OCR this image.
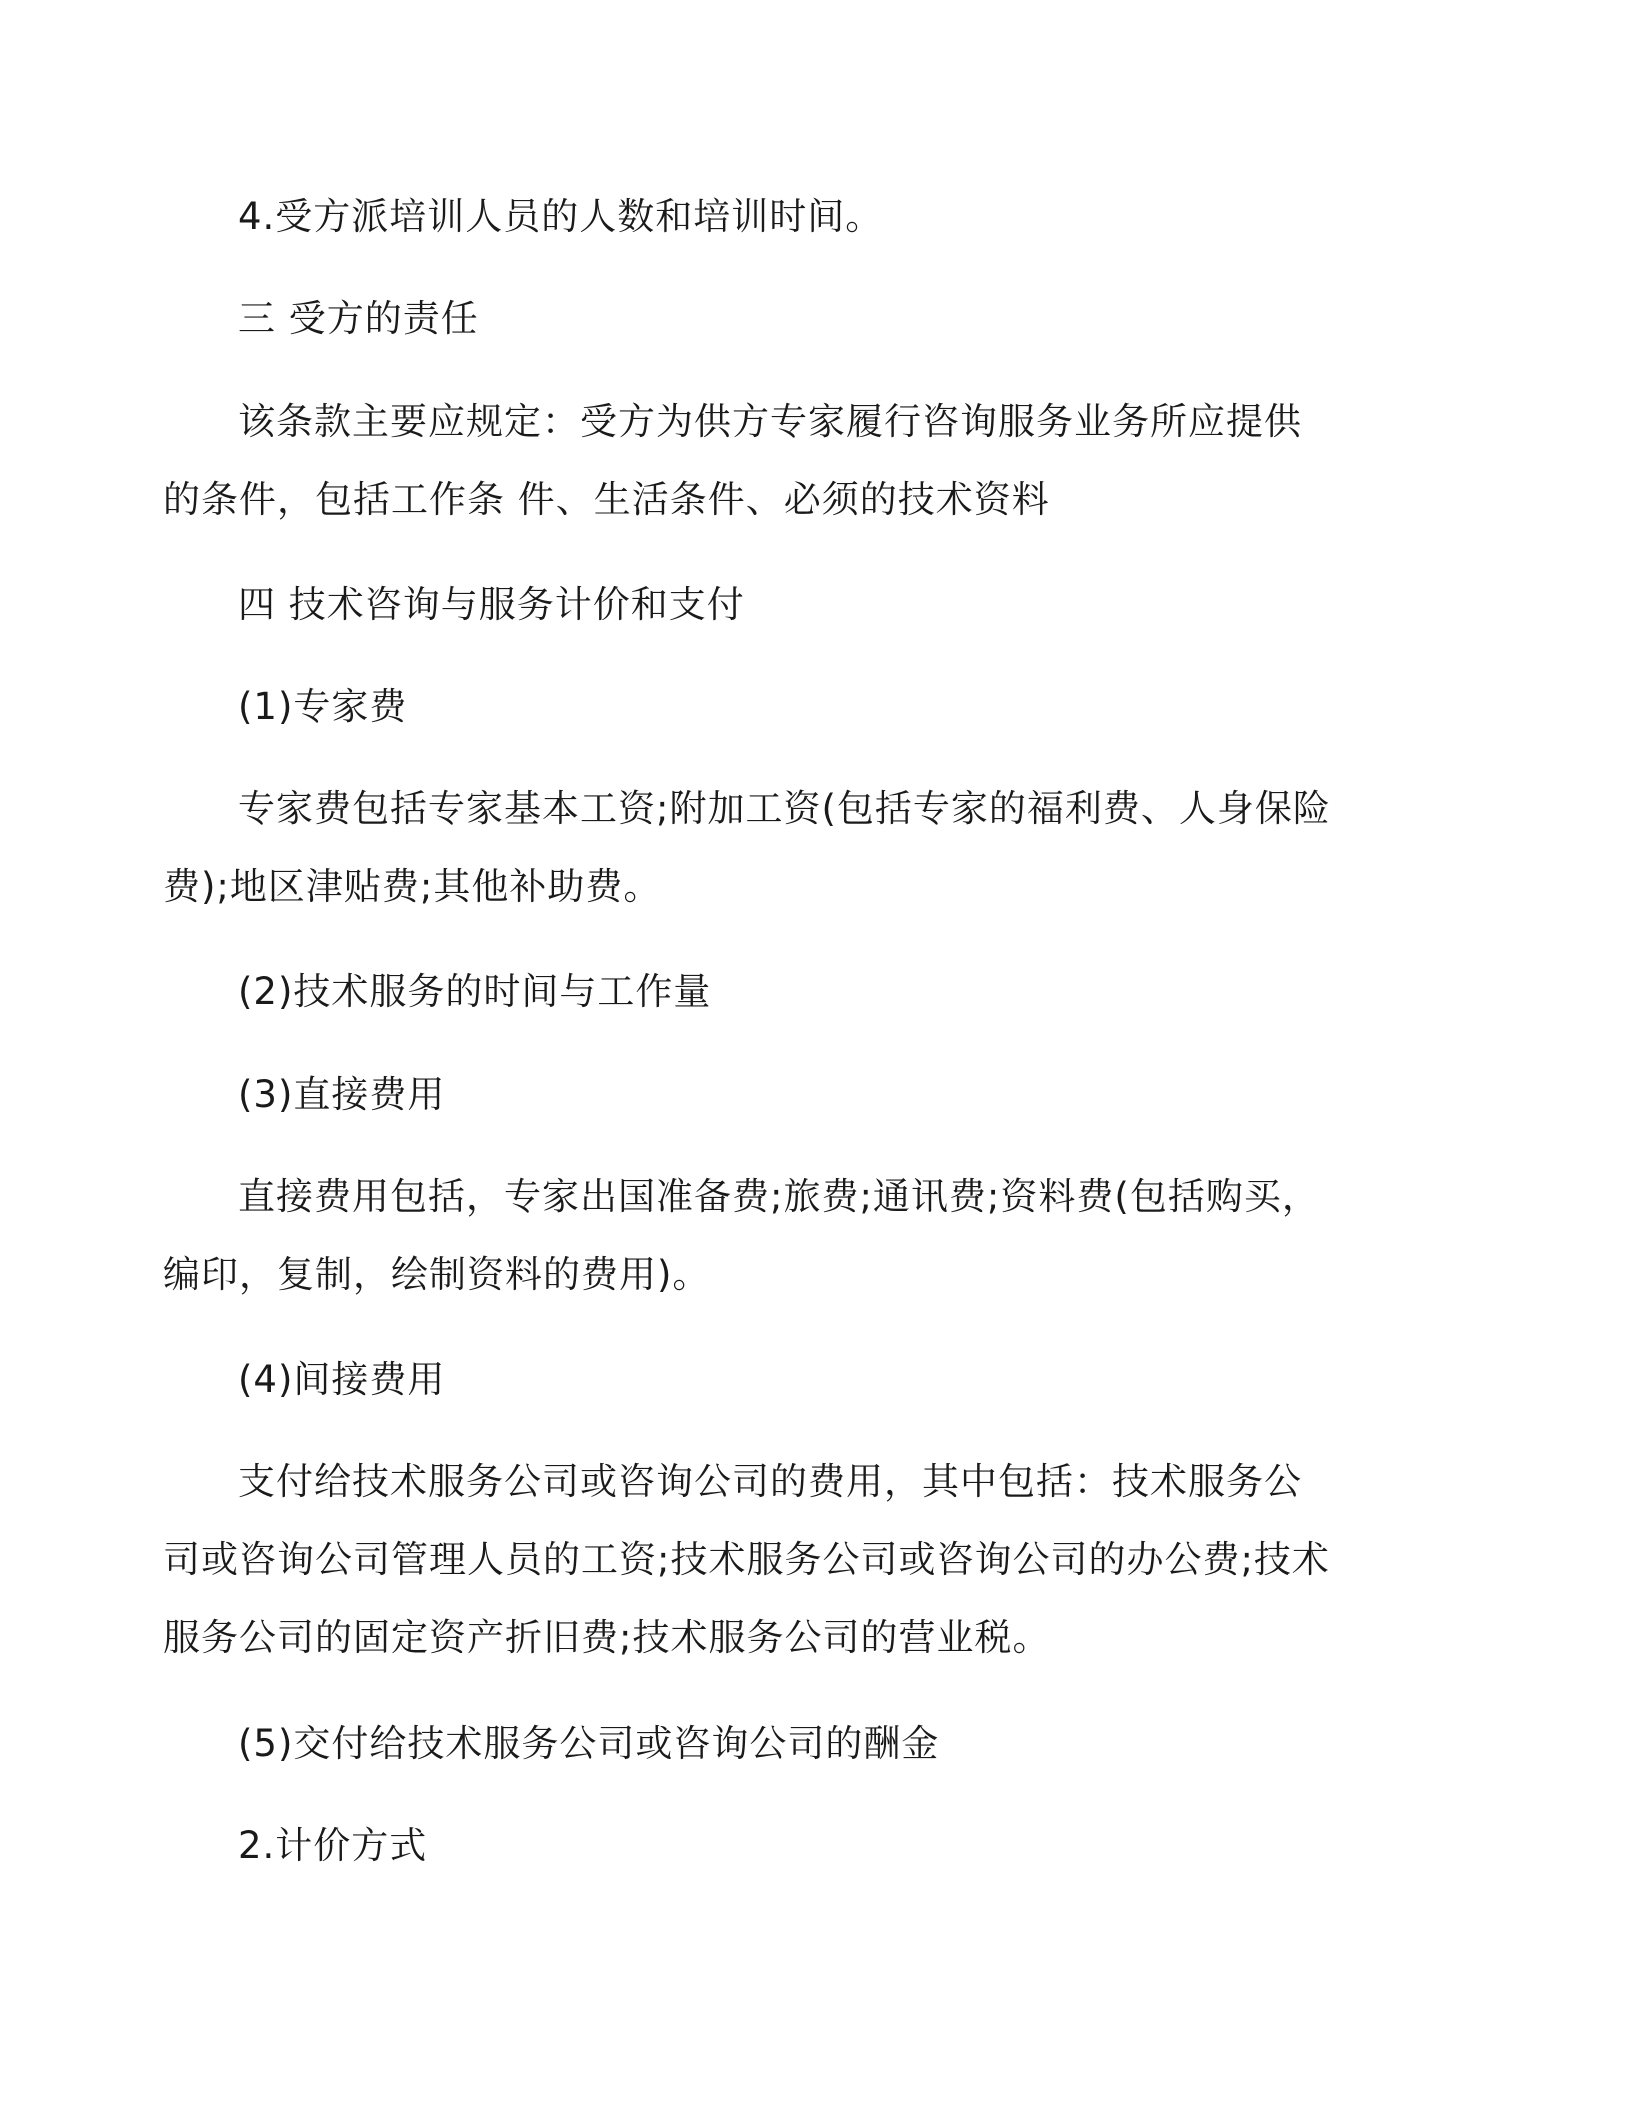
4.受方派培训人员的人数和培训时间。
三 受方的责任
该条款主要应规定：受方为供方专家履行咨询服务业务所应提供
的条件，包括工作条 件、生活条件、必须的技术资料
四 技术咨询与服务计价和支付
(1)专家费
专家费包括专家基本工资;附加工资(包括专家的福利费、人身保险
费);地区津贴费;其他补助费。
(2)技术服务的时间与工作量
(3)直接费用
直接费用包括，专家出国准备费;旅费;通讯费;资料费(包括购买，
编印，复制，绘制资料的费用)。
(4)间接费用
支付给技术服务公司或咨询公司的费用，其中包括：技术服务公
司或咨询公司管理人员的工资;技术服务公司或咨询公司的办公费;技术
服务公司的固定资产折旧费;技术服务公司的营业税。
(5)交付给技术服务公司或咨询公司的酬金
2.计价方式
